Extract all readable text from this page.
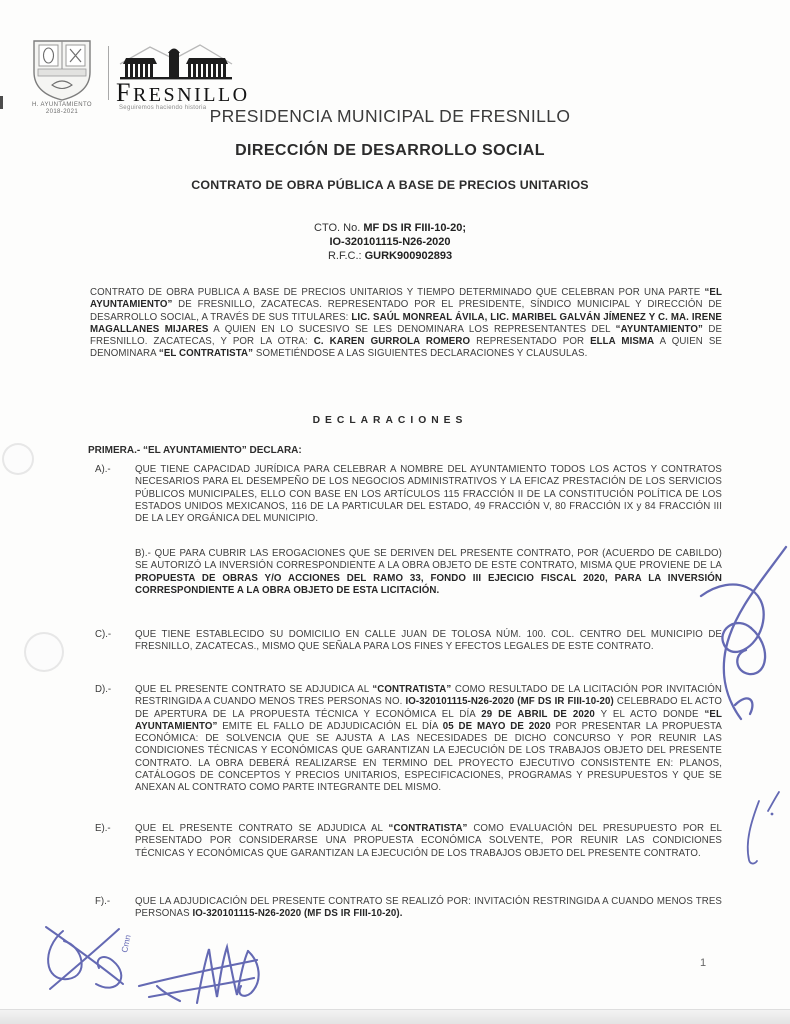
H. AYUNTAMIENTO
2018-2021
FRESNILLO
Seguiremos haciendo historia PRESIDENCIA MUNICIPAL DE FRESNILLO
DIRECCIÓN DE DESARROLLO SOCIAL
CONTRATO DE OBRA PÚBLICA A BASE DE PRECIOS UNITARIOS
CTO. No. MF DS IR FIII-10-20;
IO-320101115-N26-2020
R.F.C.: GURK900902893
CONTRATO DE OBRA PUBLICA A BASE DE PRECIOS UNITARIOS Y TIEMPO DETERMINADO QUE CELEBRAN POR UNA PARTE “EL AYUNTAMIENTO” DE FRESNILLO, ZACATECAS. REPRESENTADO POR EL PRESIDENTE, SÍNDICO MUNICIPAL Y DIRECCIÓN DE DESARROLLO SOCIAL, A TRAVÉS DE SUS TITULARES: LIC. SAÚL MONREAL ÁVILA, LIC. MARIBEL GALVÁN JÍMENEZ Y C. MA. IRENE MAGALLANES MIJARES A QUIEN EN LO SUCESIVO SE LES DENOMINARA LOS REPRESENTANTES DEL “AYUNTAMIENTO” DE FRESNILLO. ZACATECAS, Y POR LA OTRA: C. KAREN GURROLA ROMERO REPRESENTADO POR ELLA MISMA A QUIEN SE DENOMINARA “EL CONTRATISTA” SOMETIÉNDOSE A LAS SIGUIENTES DECLARACIONES Y CLAUSULAS.
DECLARACIONES
PRIMERA.- “EL AYUNTAMIENTO” DECLARA:
A).-	QUE TIENE CAPACIDAD JURÍDICA PARA CELEBRAR A NOMBRE DEL AYUNTAMIENTO TODOS LOS ACTOS Y CONTRATOS NECESARIOS PARA EL DESEMPEÑO DE LOS NEGOCIOS ADMINISTRATIVOS Y LA EFICAZ PRESTACIÓN DE LOS SERVICIOS PÚBLICOS MUNICIPALES, ELLO CON BASE EN LOS ARTÍCULOS 115 FRACCIÓN II DE LA CONSTITUCIÓN POLÍTICA DE LOS ESTADOS UNIDOS MEXICANOS, 116 DE LA PARTICULAR DEL ESTADO, 49 FRACCIÓN V, 80 FRACCIÓN IX y 84 FRACCIÓN III DE LA LEY ORGÁNICA DEL MUNICIPIO.
B).- QUE PARA CUBRIR LAS EROGACIONES QUE SE DERIVEN DEL PRESENTE CONTRATO, POR (ACUERDO DE CABILDO) SE AUTORIZÓ LA INVERSIÓN CORRESPONDIENTE A LA OBRA OBJETO DE ESTE CONTRATO, MISMA QUE PROVIENE DE LA PROPUESTA DE OBRAS Y/O ACCIONES DEL RAMO 33, FONDO III EJECICIO FISCAL 2020, PARA LA INVERSIÓN CORRESPONDIENTE A LA OBRA OBJETO DE ESTA LICITACIÓN.
C).-	QUE TIENE ESTABLECIDO SU DOMICILIO EN CALLE JUAN DE TOLOSA NÚM. 100. COL. CENTRO DEL MUNICIPIO DE FRESNILLO, ZACATECAS., MISMO QUE SEÑALA PARA LOS FINES Y EFECTOS LEGALES DE ESTE CONTRATO.
D).-	QUE EL PRESENTE CONTRATO SE ADJUDICA AL “CONTRATISTA” COMO RESULTADO DE LA LICITACIÓN POR INVITACIÓN RESTRINGIDA A CUANDO MENOS TRES PERSONAS NO. IO-320101115-N26-2020 (MF DS IR FIII-10-20) CELEBRADO EL ACTO DE APERTURA DE LA PROPUESTA TÉCNICA Y ECONÓMICA EL DÍA 29 DE ABRIL DE 2020 Y EL ACTO DONDE “EL AYUNTAMIENTO” EMITE EL FALLO DE ADJUDICACIÓN EL DÍA 05 DE MAYO DE 2020 POR PRESENTAR LA PROPUESTA ECONÓMICA: DE SOLVENCIA QUE SE AJUSTA A LAS NECESIDADES DE DICHO CONCURSO Y POR REUNIR LAS CONDICIONES TÉCNICAS Y ECONÓMICAS QUE GARANTIZAN LA EJECUCIÓN DE LOS TRABAJOS OBJETO DEL PRESENTE CONTRATO. LA OBRA DEBERÁ REALIZARSE EN TERMINO DEL PROYECTO EJECUTIVO CONSISTENTE EN: PLANOS, CATÁLOGOS DE CONCEPTOS Y PRECIOS UNITARIOS, ESPECIFICACIONES, PROGRAMAS Y PRESUPUESTOS Y QUE SE ANEXAN AL CONTRATO COMO PARTE INTEGRANTE DEL MISMO.
E).-	QUE EL PRESENTE CONTRATO SE ADJUDICA AL “CONTRATISTA” COMO EVALUACIÓN DEL PRESUPUESTO POR EL PRESENTADO POR CONSIDERARSE UNA PROPUESTA ECONÓMICA SOLVENTE, POR REUNIR LAS CONDICIONES TÉCNICAS Y ECONÓMICAS QUE GARANTIZAN LA EJECUCIÓN DE LOS TRABAJOS OBJETO DEL PRESENTE CONTRATO.
F).-	QUE LA ADJUDICACIÓN DEL PRESENTE CONTRATO SE REALIZÓ POR: INVITACIÓN RESTRINGIDA A CUANDO MENOS TRES PERSONAS IO-320101115-N26-2020 (MF DS IR FIII-10-20).
1
Cmn
